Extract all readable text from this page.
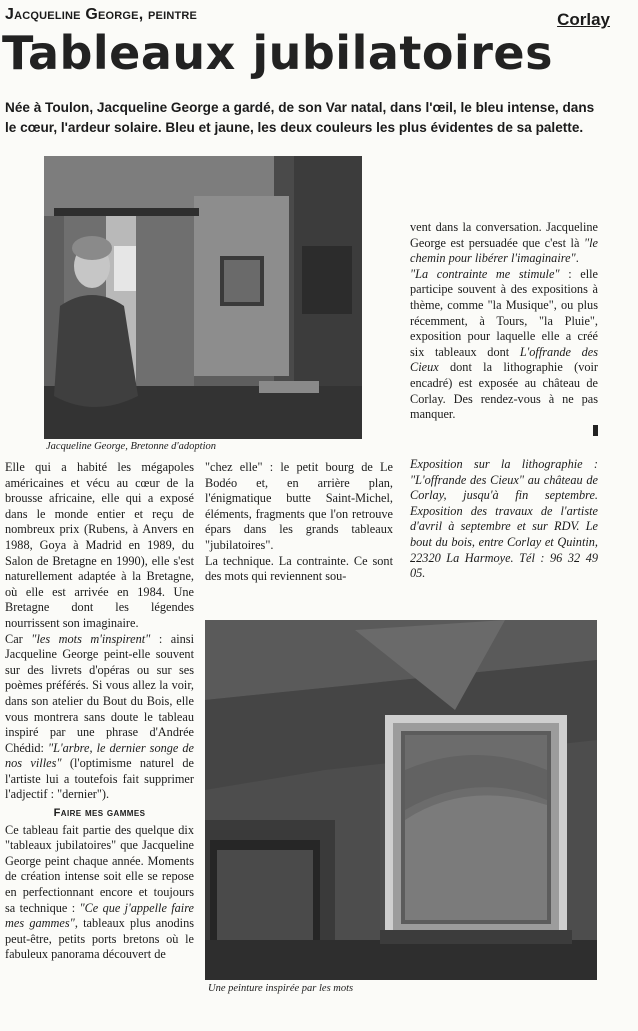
Jacqueline George, peintre	Corlay
Tableaux jubilatoires
Née à Toulon, Jacqueline George a gardé, de son Var natal, dans l'œil, le bleu intense, dans le cœur, l'ardeur solaire. Bleu et jaune, les deux couleurs les plus évidentes de sa palette.
Jacqueline George, Bretonne d'adoption

Elle qui a habité les mégapoles américaines et vécu au cœur de la brousse africaine, elle qui a exposé dans le monde entier et reçu de nombreux prix (Rubens, à Anvers en 1988, Goya à Madrid en 1989, du Salon de Bretagne en 1990), elle s'est naturellement adaptée à la Bretagne, où elle est arrivée en 1984. Une Bretagne dont les légendes nourrissent son imaginaire.

Car "les mots m'inspirent" : ainsi Jacqueline George peint-elle souvent sur des livrets d'opéras ou sur ses poèmes préférés. Si vous allez la voir, dans son atelier du Bout du Bois, elle vous montrera sans doute le tableau inspiré par une phrase d'Andrée Chédid: "L'arbre, le dernier songe de nos villes" (l'optimisme naturel de l'artiste lui a toutefois fait supprimer l'adjectif : "dernier").

Faire mes gammes

Ce tableau fait partie des quelque dix "tableaux jubilatoires" que Jacqueline George peint chaque année. Moments de création intense soit elle se repose en perfectionnant encore et toujours sa technique : "Ce que j'appelle faire mes gammes", tableaux plus anodins peut-être, petits ports bretons où le fabuleux panorama découvert de

"chez elle" : le petit bourg de Le Bodéo et, en arrière plan, l'énigmatique butte Saint-Michel, éléments, fragments que l'on retrouve épars dans les grands tableaux "jubilatoires".

La technique. La contrainte. Ce sont des mots qui reviennent sou-

vent dans la conversation. Jacqueline George est persuadée que c'est là "le chemin pour libérer l'imaginaire".

"La contrainte me stimule" : elle participe souvent à des expositions à thème, comme "la Musique", ou plus récemment, à Tours, "la Pluie", exposition pour laquelle elle a créé six tableaux dont L'offrande des Cieux dont la lithographie (voir encadré) est exposée au château de Corlay. Des rendez-vous à ne pas manquer.

Exposition sur la lithographie : "L'offrande des Cieux" au château de Corlay, jusqu'à fin septembre. Exposition des travaux de l'artiste d'avril à septembre et sur RDV. Le bout du bois, entre Corlay et Quintin, 22320 La Harmoye. Tél : 96 32 49 05.

Une peinture inspirée par les mots
